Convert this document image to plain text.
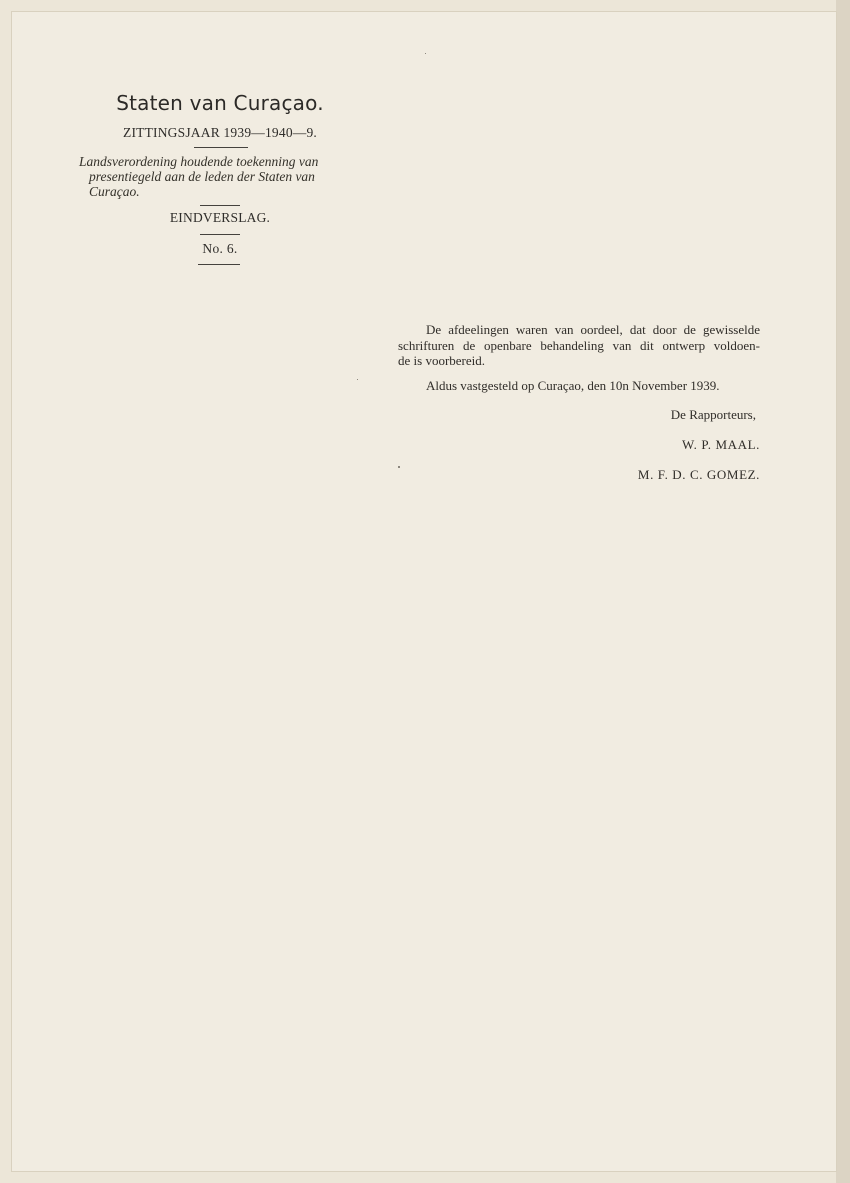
Staten van Curaçao.
ZITTINGSJAAR 1939—1940—9.
Landsverordening houdende toekenning van
presentiegeld aan de leden der Staten van
Curaçao.
EINDVERSLAG.
No. 6.
De afdeelingen waren van oordeel, dat door de gewisselde
schrifturen de openbare behandeling van dit ontwerp voldoen-
de is voorbereid.
Aldus vastgesteld op Curaçao, den 10n November 1939.
De Rapporteurs,
W. P. MAAL.
M. F. D. C. GOMEZ.
